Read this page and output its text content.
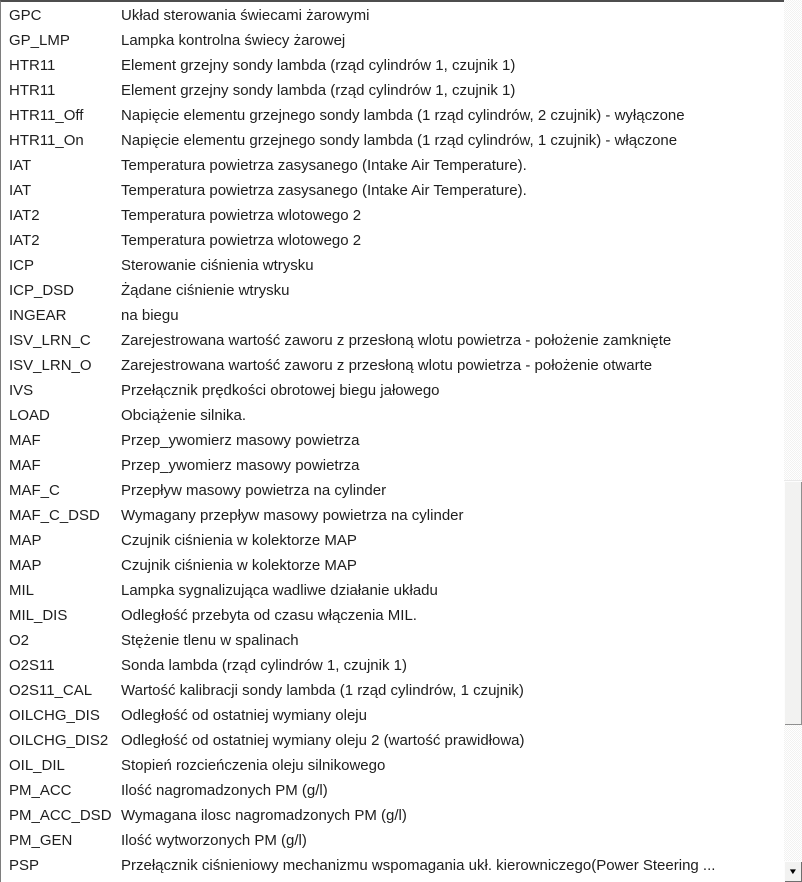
GPC	Układ sterowania świecami żarowymi
GP_LMP	Lampka kontrolna świecy żarowej
HTR11	Element grzejny sondy lambda (rząd cylindrów 1, czujnik 1)
HTR11	Element grzejny sondy lambda (rząd cylindrów 1, czujnik 1)
HTR11_Off	Napięcie elementu grzejnego sondy lambda (1 rząd cylindrów, 2 czujnik) - wyłączone
HTR11_On	Napięcie elementu grzejnego sondy lambda (1 rząd cylindrów, 1 czujnik) - włączone
IAT	Temperatura powietrza zasysanego (Intake Air Temperature).
IAT	Temperatura powietrza zasysanego (Intake Air Temperature).
IAT2	Temperatura powietrza wlotowego 2
IAT2	Temperatura powietrza wlotowego 2
ICP	Sterowanie ciśnienia wtrysku
ICP_DSD	Żądane ciśnienie wtrysku
INGEAR	na biegu
ISV_LRN_C	Zarejestrowana wartość zaworu z przesłoną wlotu powietrza - położenie zamknięte
ISV_LRN_O	Zarejestrowana wartość zaworu z przesłoną wlotu powietrza - położenie otwarte
IVS	Przełącznik prędkości obrotowej biegu jałowego
LOAD	Obciążenie silnika.
MAF	Przep_ywomierz masowy powietrza
MAF	Przep_ywomierz masowy powietrza
MAF_C	Przepływ masowy powietrza na cylinder
MAF_C_DSD	Wymagany przepływ masowy powietrza na cylinder
MAP	Czujnik ciśnienia w kolektorze MAP
MAP	Czujnik ciśnienia w kolektorze MAP
MIL	Lampka sygnalizująca wadliwe działanie układu
MIL_DIS	Odległość przebyta od czasu włączenia MIL.
O2	Stężenie tlenu w spalinach
O2S11	Sonda lambda (rząd cylindrów 1, czujnik 1)
O2S11_CAL	Wartość kalibracji sondy lambda (1 rząd cylindrów, 1 czujnik)
OILCHG_DIS	Odległość od ostatniej wymiany oleju
OILCHG_DIS2 Odległość od ostatniej wymiany oleju 2 (wartość prawidłowa)
OIL_DIL	Stopień rozcieńczenia oleju silnikowego
PM_ACC	Ilość nagromadzonych PM (g/l)
PM_ACC_DSD Wymagana ilosc nagromadzonych PM (g/l)
PM_GEN	Ilość wytworzonych PM (g/l)
PSP	Przełącznik ciśnieniowy mechanizmu wspomagania ukł. kierowniczego(Power Steering ...	▼
